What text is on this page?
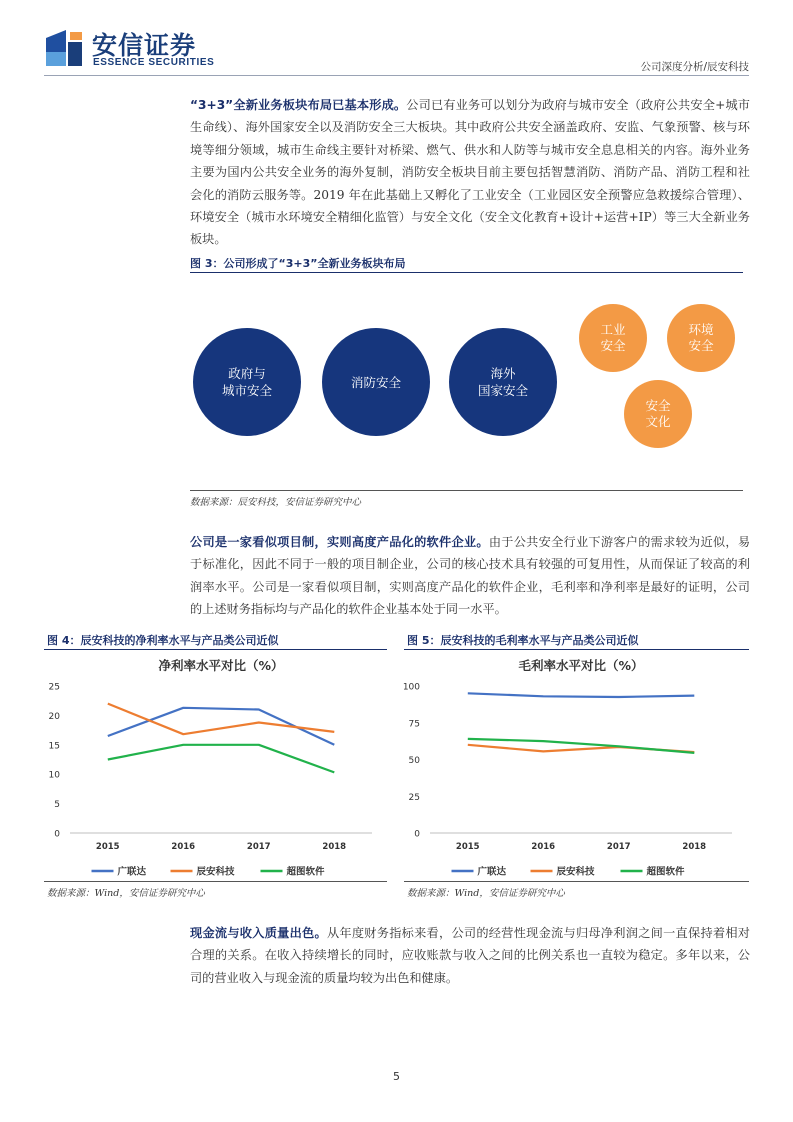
安信证券
ESSENCE SECURITIES	公司深度分析/辰安科技
“3+3”全新业务板块布局已基本形成。公司已有业务可以划分为政府与城市安全（政府公共安全+城市生命线）、海外国家安全以及消防安全三大板块。其中政府公共安全涵盖政府、安监、气象预警、核与环境等细分领域，城市生命线主要针对桥梁、燃气、供水和人防等与城市安全息息相关的内容。海外业务主要为国内公共安全业务的海外复制，消防安全板块目前主要包括智慧消防、消防产品、消防工程和社会化的消防云服务等。2019 年在此基础上又孵化了工业安全（工业园区安全预警应急救援综合管理）、环境安全（城市水环境安全精细化监管）与安全文化（安全文化教育+设计+运营+IP）等三大全新业务板块。
图 3：公司形成了“3+3”全新业务板块布局
政府与
城市安全
消防安全
海外
国家安全
工业
安全
环境
安全
安全
文化
数据来源：辰安科技，安信证券研究中心
公司是一家看似项目制，实则高度产品化的软件企业。由于公共安全行业下游客户的需求较为近似，易于标准化，因此不同于一般的项目制企业，公司的核心技术具有较强的可复用性，从而保证了较高的利润率水平。公司是一家看似项目制，实则高度产品化的软件企业，毛利率和净利率是最好的证明，公司的上述财务指标均与产品化的软件企业基本处于同一水平。
图 4：辰安科技的净利率水平与产品类公司近似	图 5：辰安科技的毛利率水平与产品类公司近似
净利率水平对比（%）
0
5
10
15
20
25
2015	2016	2017	2018
广联达	辰安科技	超图软件
毛利率水平对比（%）
0
25
50
75
100
2015	2016	2017	2018
广联达	辰安科技	超图软件
数据来源：Wind，安信证券研究中心	数据来源：Wind，安信证券研究中心
现金流与收入质量出色。从年度财务指标来看，公司的经营性现金流与归母净利润之间一直保持着相对合理的关系。在收入持续增长的同时，应收账款与收入之间的比例关系也一直较为稳定。多年以来，公司的营业收入与现金流的质量均较为出色和健康。
5
